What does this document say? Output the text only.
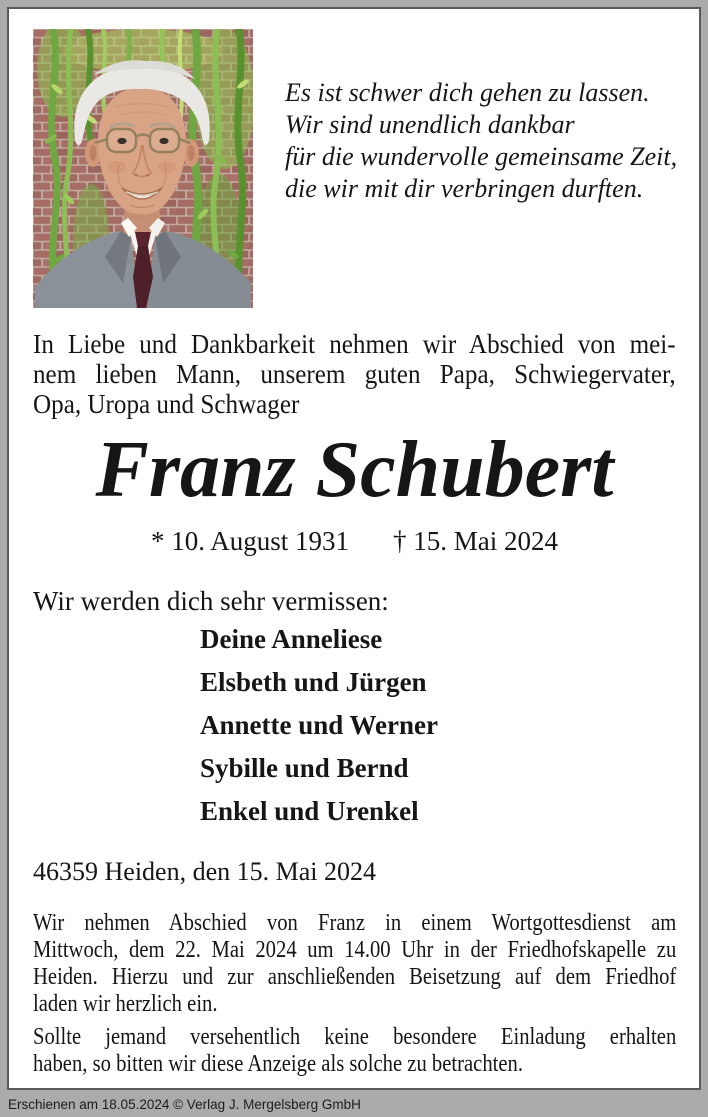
Es ist schwer dich gehen zu lassen.
Wir sind unendlich dankbar
für die wundervolle gemeinsame Zeit,
die wir mit dir verbringen durften.
In Liebe und Dankbarkeit nehmen wir Abschied von mei-
nem lieben Mann, unserem guten Papa, Schwiegervater,
Opa, Uropa und Schwager
Franz Schubert
* 10. August 1931 † 15. Mai 2024
Wir werden dich sehr vermissen:
Deine Anneliese
Elsbeth und Jürgen
Annette und Werner
Sybille und Bernd
Enkel und Urenkel
46359 Heiden, den 15. Mai 2024
Wir nehmen Abschied von Franz in einem Wortgottesdienst am
Mittwoch, dem 22. Mai 2024 um 14.00 Uhr in der Friedhofskapelle zu
Heiden. Hierzu und zur anschließenden Beisetzung auf dem Friedhof
laden wir herzlich ein.
Sollte jemand versehentlich keine besondere Einladung erhalten
haben, so bitten wir diese Anzeige als solche zu betrachten.
Erschienen am 18.05.2024 © Verlag J. Mergelsberg GmbH
